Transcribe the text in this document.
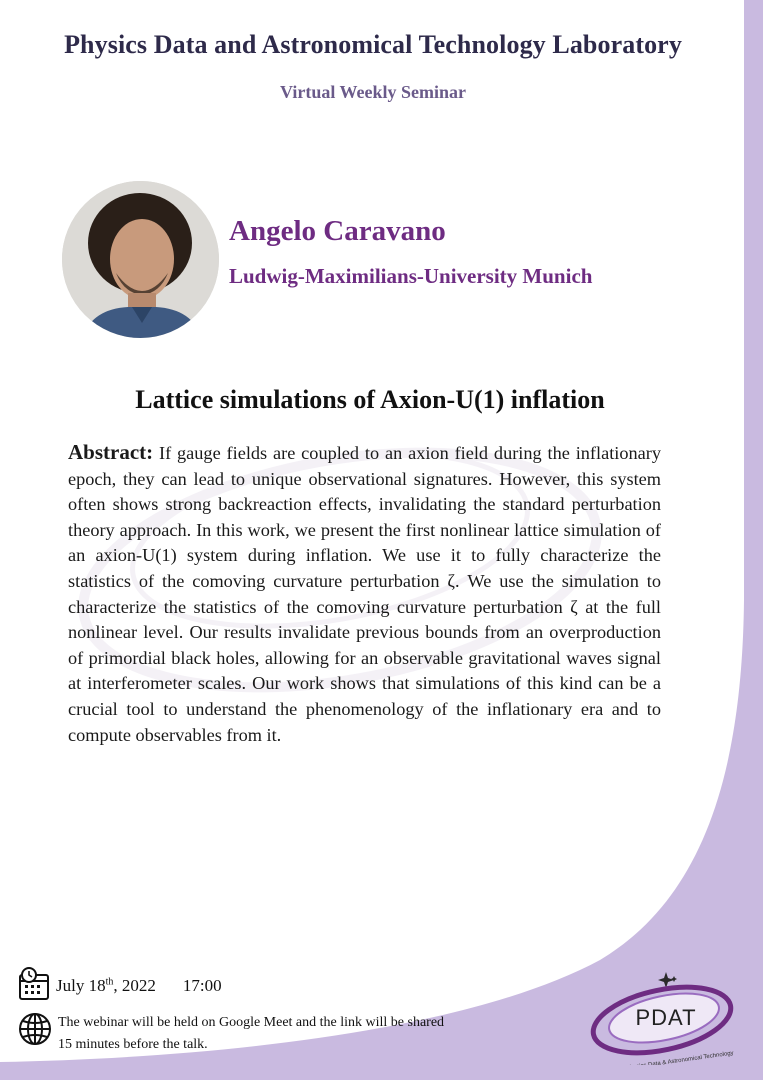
Physics Data and Astronomical Technology Laboratory
Virtual Weekly Seminar
Angelo Caravano
Ludwig-Maximilians-University Munich
Lattice simulations of Axion-U(1) inflation
Abstract: If gauge fields are coupled to an axion field during the inflationary epoch, they can lead to unique observational signatures. However, this system often shows strong backreaction effects, invalidating the standard perturbation theory approach. In this work, we present the first nonlinear lattice simulation of an axion-U(1) system during inflation. We use it to fully characterize the statistics of the comoving curvature perturbation ζ. We use the simulation to characterize the statistics of the comoving curvature perturbation ζ at the full nonlinear level. Our results invalidate previous bounds from an overproduction of primordial black holes, allowing for an observable gravitational waves signal at interferometer scales. Our work shows that simulations of this kind can be a crucial tool to understand the phenomenology of the inflationary era and to compute observables from it.
July 18th, 2022 17:00
The webinar will be held on Google Meet and the link will be shared
15 minutes before the talk.
PDAT
Physics Data & Astronomical Technology
